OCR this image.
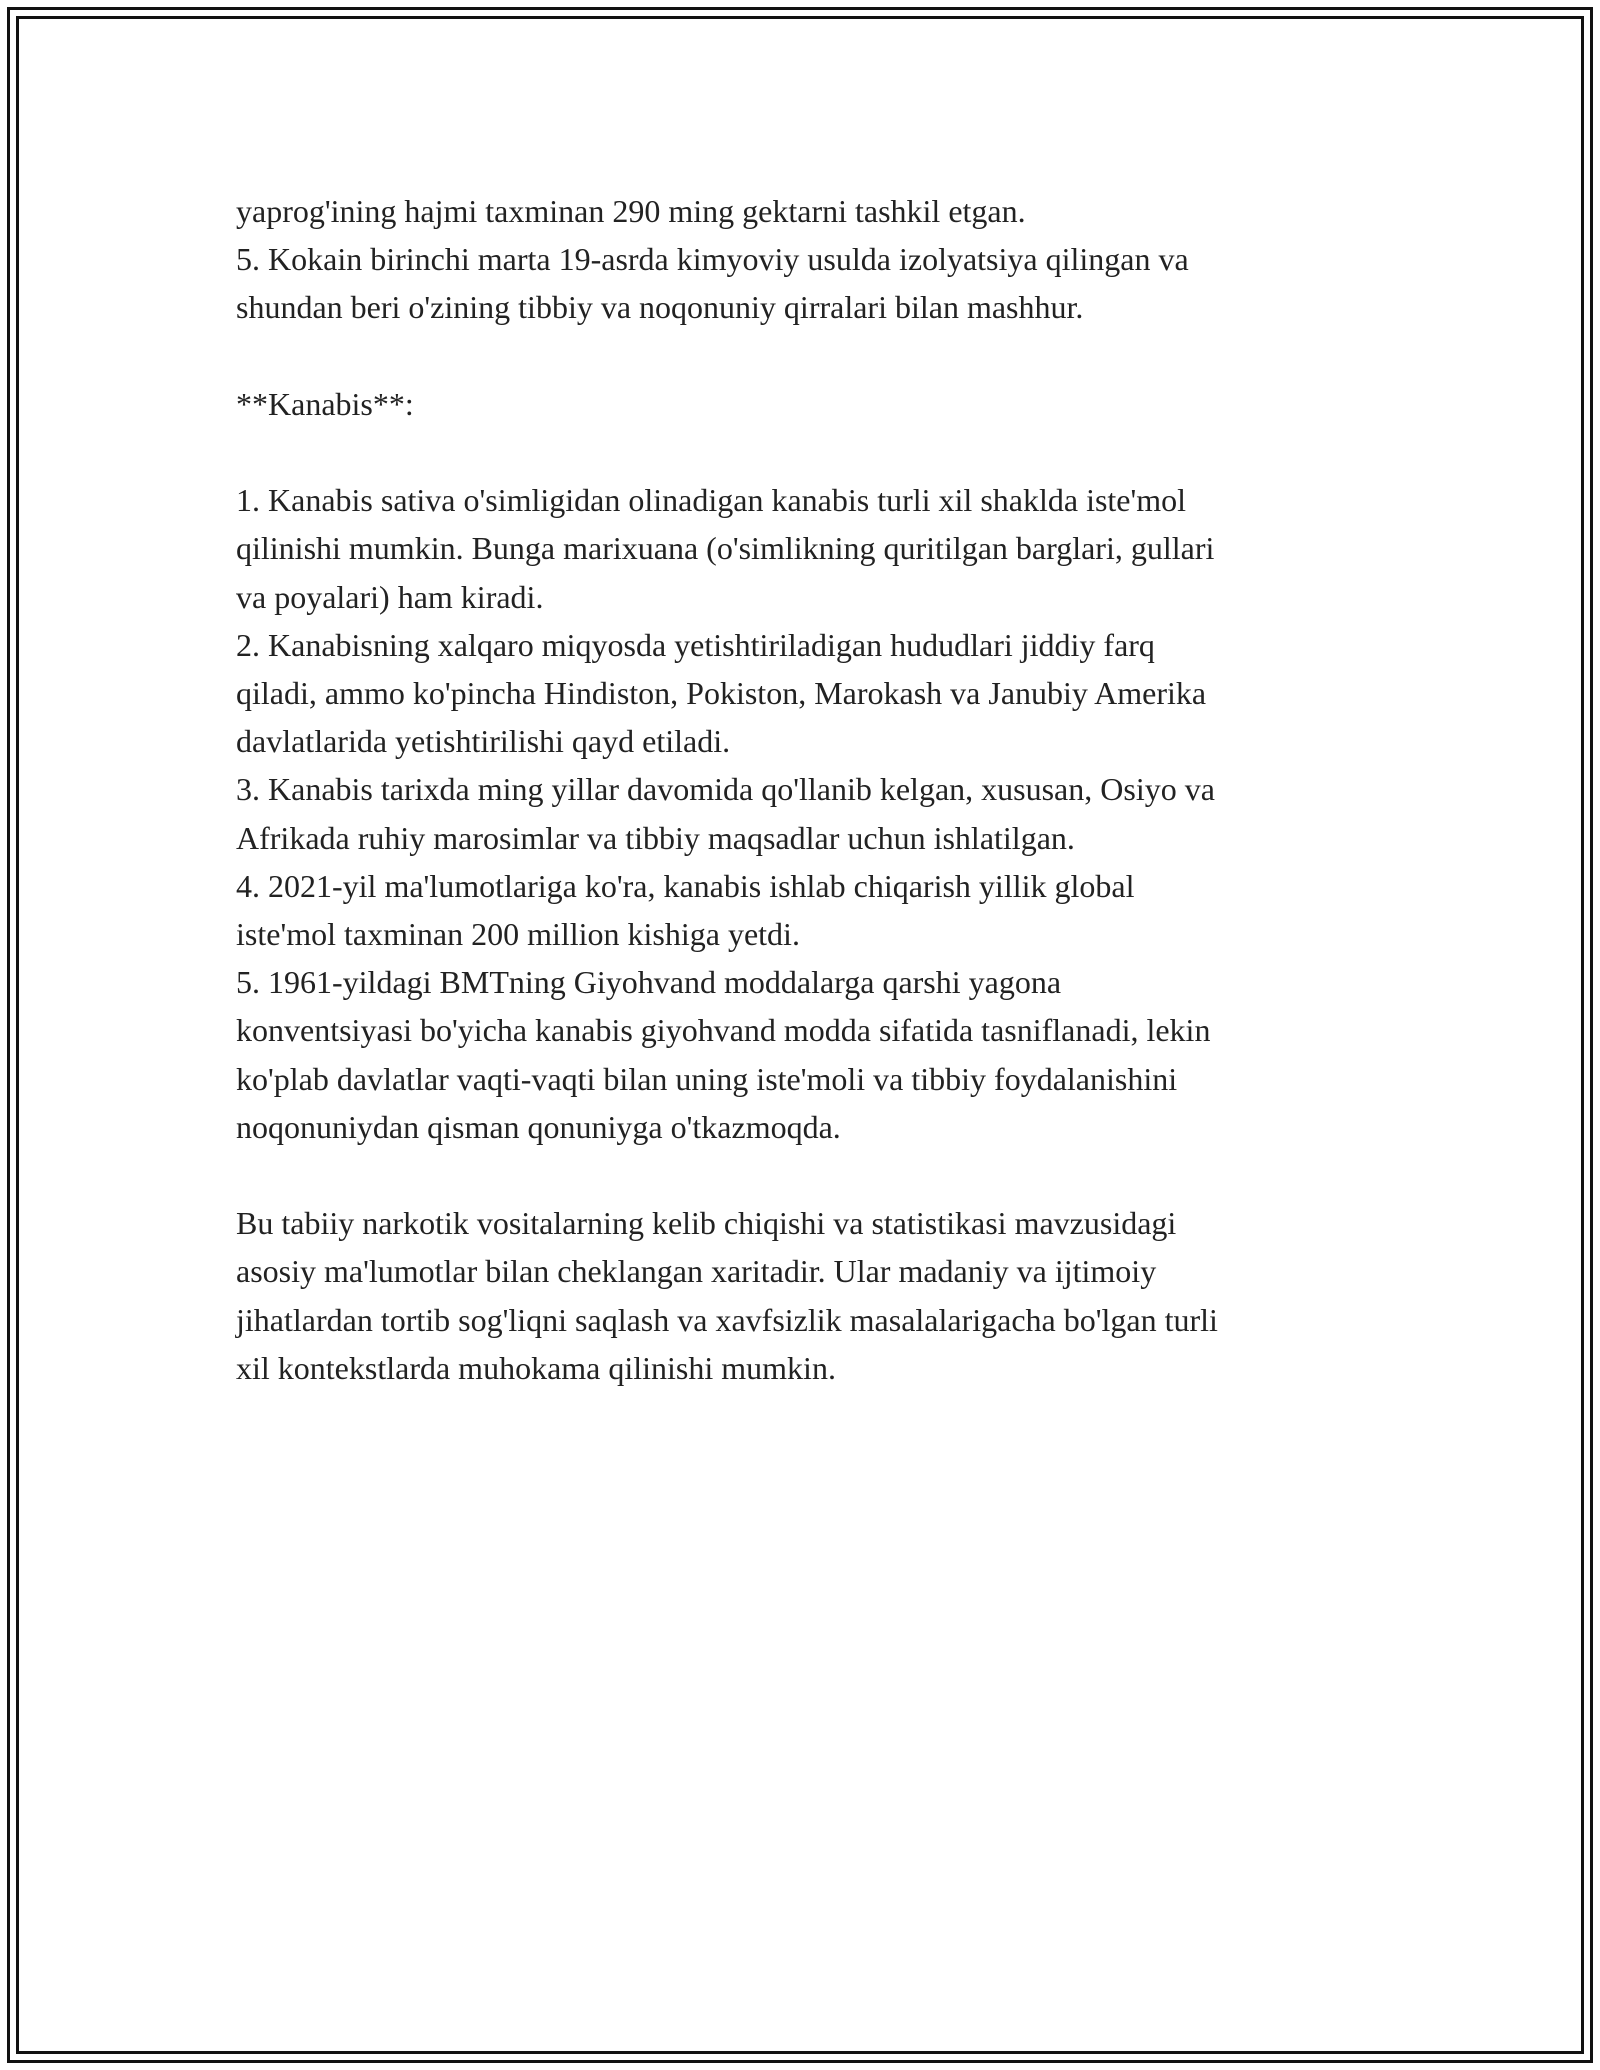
yaprog'ining hajmi taxminan 290 ming gektarni tashkil etgan.
5. Kokain birinchi marta 19-asrda kimyoviy usulda izolyatsiya qilingan va
shundan beri o'zining tibbiy va noqonuniy qirralari bilan mashhur.
**Kanabis**:
1. Kanabis sativa o'simligidan olinadigan kanabis turli xil shaklda iste'mol
qilinishi mumkin. Bunga marixuana (o'simlikning quritilgan barglari, gullari
va poyalari) ham kiradi.
2. Kanabisning xalqaro miqyosda yetishtiriladigan hududlari jiddiy farq
qiladi, ammo ko'pincha Hindiston, Pokiston, Marokash va Janubiy Amerika
davlatlarida yetishtirilishi qayd etiladi.
3. Kanabis tarixda ming yillar davomida qo'llanib kelgan, xususan, Osiyo va
Afrikada ruhiy marosimlar va tibbiy maqsadlar uchun ishlatilgan.
4. 2021-yil ma'lumotlariga ko'ra, kanabis ishlab chiqarish yillik global
iste'mol taxminan 200 million kishiga yetdi.
5. 1961-yildagi BMTning Giyohvand moddalarga qarshi yagona
konventsiyasi bo'yicha kanabis giyohvand modda sifatida tasniflanadi, lekin
ko'plab davlatlar vaqti-vaqti bilan uning iste'moli va tibbiy foydalanishini
noqonuniydan qisman qonuniyga o'tkazmoqda.
Bu tabiiy narkotik vositalarning kelib chiqishi va statistikasi mavzusidagi
asosiy ma'lumotlar bilan cheklangan xaritadir. Ular madaniy va ijtimoiy
jihatlardan tortib sog'liqni saqlash va xavfsizlik masalalarigacha bo'lgan turli
xil kontekstlarda muhokama qilinishi mumkin.
